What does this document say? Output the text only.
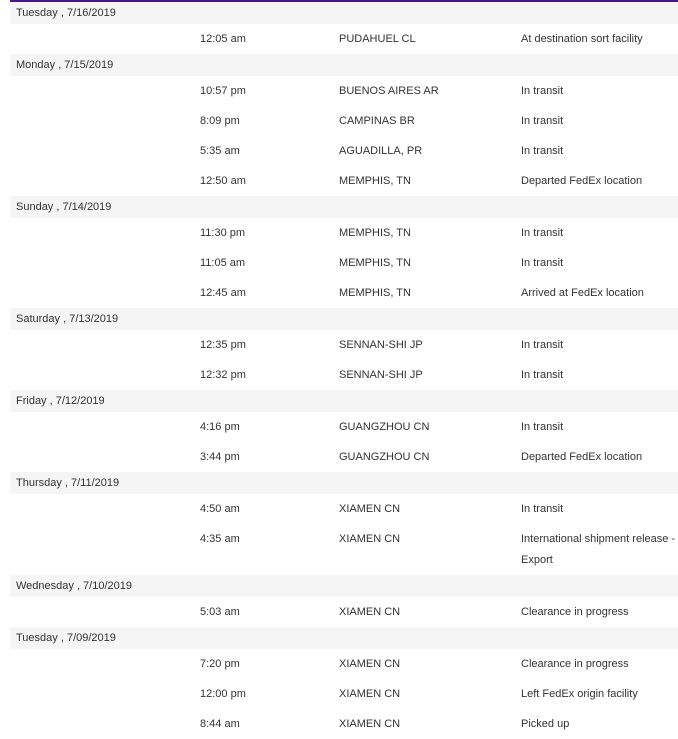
Tuesday , 7/16/2019
12:05 am	PUDAHUEL CL	At destination sort facility
Monday , 7/15/2019
10:57 pm	BUENOS AIRES AR	In transit
8:09 pm	CAMPINAS BR	In transit
5:35 am	AGUADILLA, PR	In transit
12:50 am	MEMPHIS, TN	Departed FedEx location
Sunday , 7/14/2019
11:30 pm	MEMPHIS, TN	In transit
11:05 am	MEMPHIS, TN	In transit
12:45 am	MEMPHIS, TN	Arrived at FedEx location
Saturday , 7/13/2019
12:35 pm	SENNAN-SHI JP	In transit
12:32 pm	SENNAN-SHI JP	In transit
Friday , 7/12/2019
4:16 pm	GUANGZHOU CN	In transit
3:44 pm	GUANGZHOU CN	Departed FedEx location
Thursday , 7/11/2019
4:50 am	XIAMEN CN	In transit
4:35 am	XIAMEN CN	International shipment release - Export
Wednesday , 7/10/2019
5:03 am	XIAMEN CN	Clearance in progress
Tuesday , 7/09/2019
7:20 pm	XIAMEN CN	Clearance in progress
12:00 pm	XIAMEN CN	Left FedEx origin facility
8:44 am	XIAMEN CN	Picked up
